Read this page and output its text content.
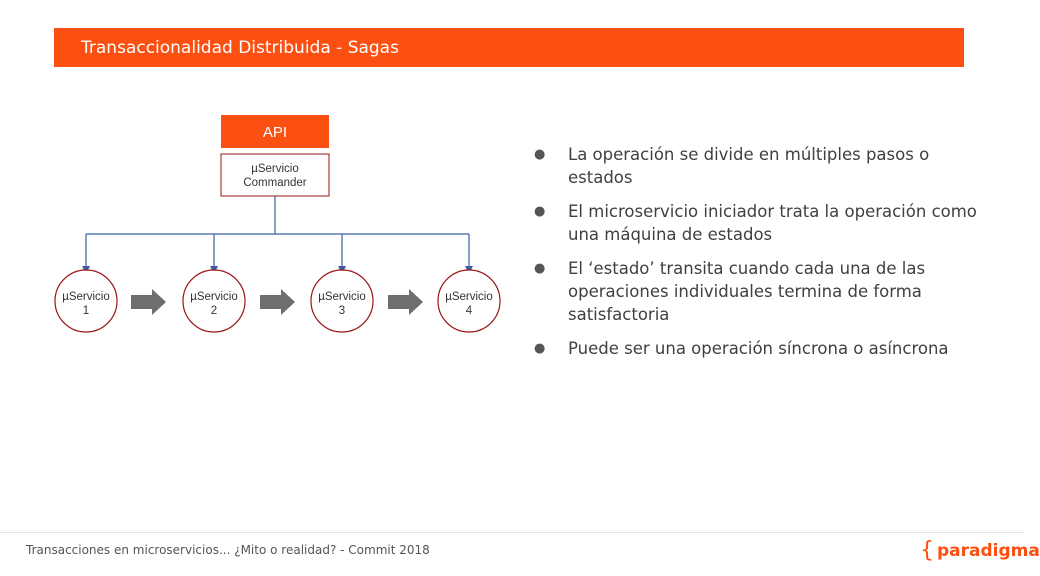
Transaccionalidad Distribuida - Sagas
API
µServicio
Commander
µServicio
1
µServicio
2
µServicio
3
µServicio
4
● La operación se divide en múltiples pasos o estados
● El microservicio iniciador trata la operación como una máquina de estados
● El ‘estado’ transita cuando cada una de las operaciones individuales termina de forma satisfactoria
● Puede ser una operación síncrona o asíncrona
Transacciones en microservicios... ¿Mito o realidad? - Commit 2018	{ paradigma
